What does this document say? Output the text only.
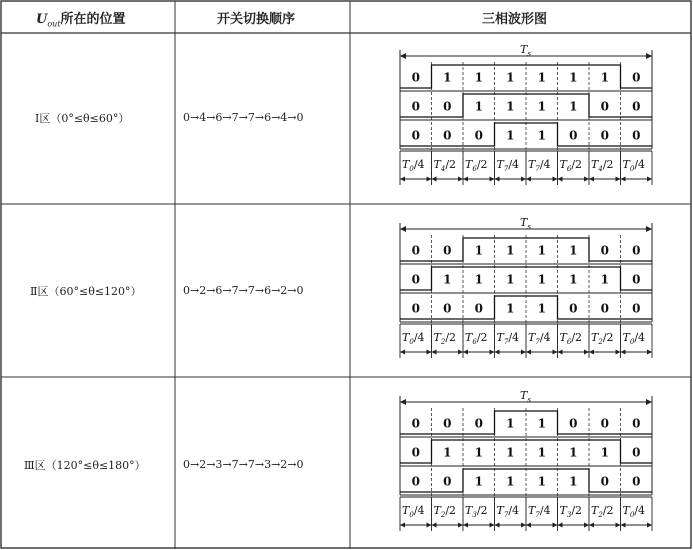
$U_{out}$所在的位置	开关切换顺序	三相波形图
Ⅰ区（0°≤θ≤60°）	0→4→6→7→7→6→4→0
$T_s$
0 1 1 1 1 1 1 0
0 0 1 1 1 1 0 0
0 0 0 1 1 0 0 0
$T_0/4$ $T_4/2$ $T_6/2$ $T_7/4$ $T_7/4$ $T_6/2$ $T_4/2$ $T_0/4$
Ⅱ区（60°≤θ≤120°）	0→2→6→7→7→6→2→0
$T_s$
0 0 1 1 1 1 0 0
0 1 1 1 1 1 1 0
0 0 0 1 1 0 0 0
$T_0/4$ $T_2/2$ $T_6/2$ $T_7/4$ $T_7/4$ $T_6/2$ $T_2/2$ $T_0/4$
Ⅲ区（120°≤θ≤180°）	0→2→3→7→7→3→2→0
$T_s$
0 0 0 1 1 0 0 0
0 1 1 1 1 1 1 0
0 0 1 1 1 1 0 0
$T_0/4$ $T_2/2$ $T_3/2$ $T_7/4$ $T_7/4$ $T_3/2$ $T_2/2$ $T_0/4$
